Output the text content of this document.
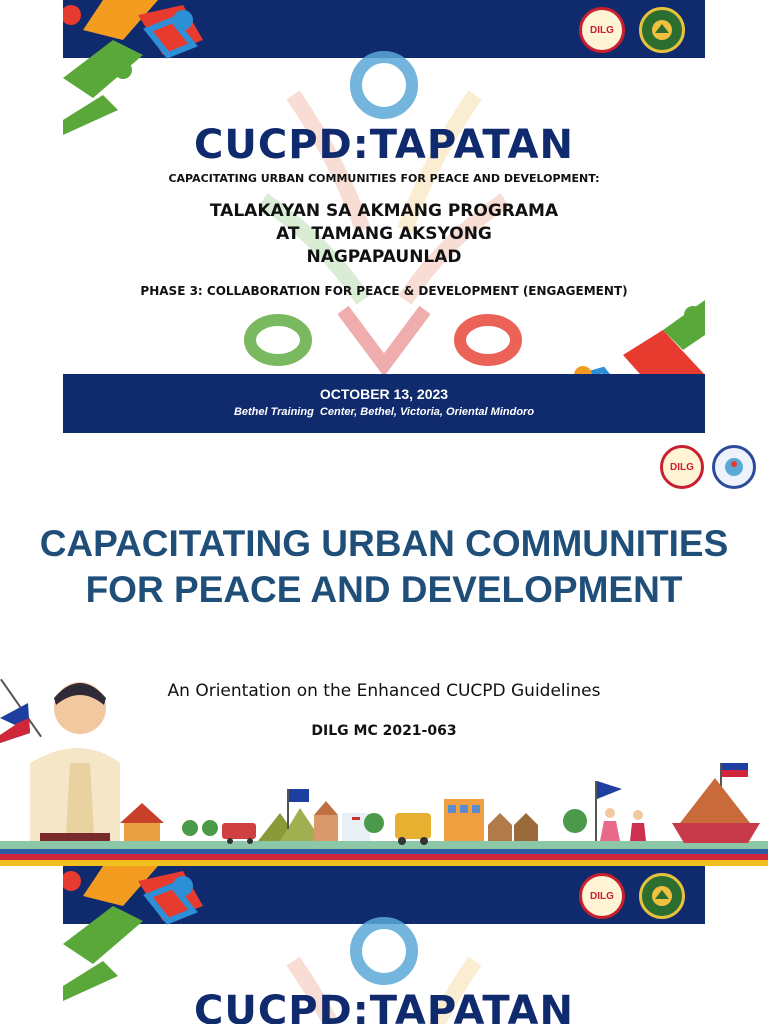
DILG
CUCPD:TAPATAN
CAPACITATING URBAN COMMUNITIES FOR PEACE AND DEVELOPMENT:
TALAKAYAN SA AKMANG PROGRAMA
AT  TAMANG AKSYONG
NAGPAPAUNLAD
PHASE 3: COLLABORATION FOR PEACE & DEVELOPMENT (ENGAGEMENT)
OCTOBER 13, 2023
Bethel Training  Center, Bethel, Victoria, Oriental Mindoro
DILG
CAPACITATING URBAN COMMUNITIES FOR PEACE AND DEVELOPMENT
An Orientation on the Enhanced CUCPD Guidelines
DILG MC 2021-063
DILG
CUCPD:TAPATAN
